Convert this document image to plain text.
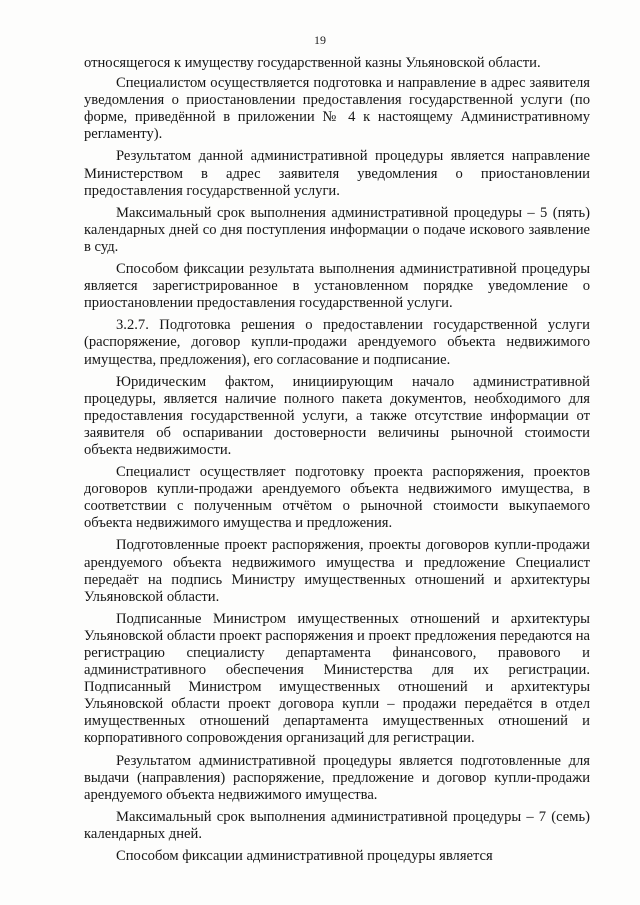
19

относящегося к имуществу государственной казны Ульяновской области.

Специалистом осуществляется подготовка и направление в адрес заявителя уведомления о приостановлении предоставления государственной услуги (по форме, приведённой в приложении № 4 к настоящему Административному регламенту).

Результатом данной административной процедуры является направление Министерством в адрес заявителя уведомления о приостановлении предоставления государственной услуги.

Максимальный срок выполнения административной процедуры – 5 (пять) календарных дней со дня поступления информации о подаче искового заявление в суд.

Способом фиксации результата выполнения административной процедуры является зарегистрированное в установленном порядке уведомление о приостановлении предоставления государственной услуги.

3.2.7. Подготовка решения о предоставлении государственной услуги (распоряжение, договор купли-продажи арендуемого объекта недвижимого имущества, предложения), его согласование и подписание.

Юридическим фактом, инициирующим начало административной процедуры, является наличие полного пакета документов, необходимого для предоставления государственной услуги, а также отсутствие информации от заявителя об оспаривании достоверности величины рыночной стоимости объекта недвижимости.

Специалист осуществляет подготовку проекта распоряжения, проектов договоров купли-продажи арендуемого объекта недвижимого имущества, в соответствии с полученным отчётом о рыночной стоимости выкупаемого объекта недвижимого имущества и предложения.

Подготовленные проект распоряжения, проекты договоров купли-продажи арендуемого объекта недвижимого имущества и предложение Специалист передаёт на подпись Министру имущественных отношений и архитектуры Ульяновской области.

Подписанные Министром имущественных отношений и архитектуры Ульяновской области проект распоряжения и проект предложения передаются на регистрацию специалисту департамента финансового, правового и административного обеспечения Министерства для их регистрации. Подписанный Министром имущественных отношений и архитектуры Ульяновской области проект договора купли – продажи передаётся в отдел имущественных отношений департамента имущественных отношений и корпоративного сопровождения организаций для регистрации.

Результатом административной процедуры является подготовленные для выдачи (направления) распоряжение, предложение и договор купли-продажи арендуемого объекта недвижимого имущества.

Максимальный срок выполнения административной процедуры – 7 (семь) календарных дней.

Способом фиксации административной процедуры является
